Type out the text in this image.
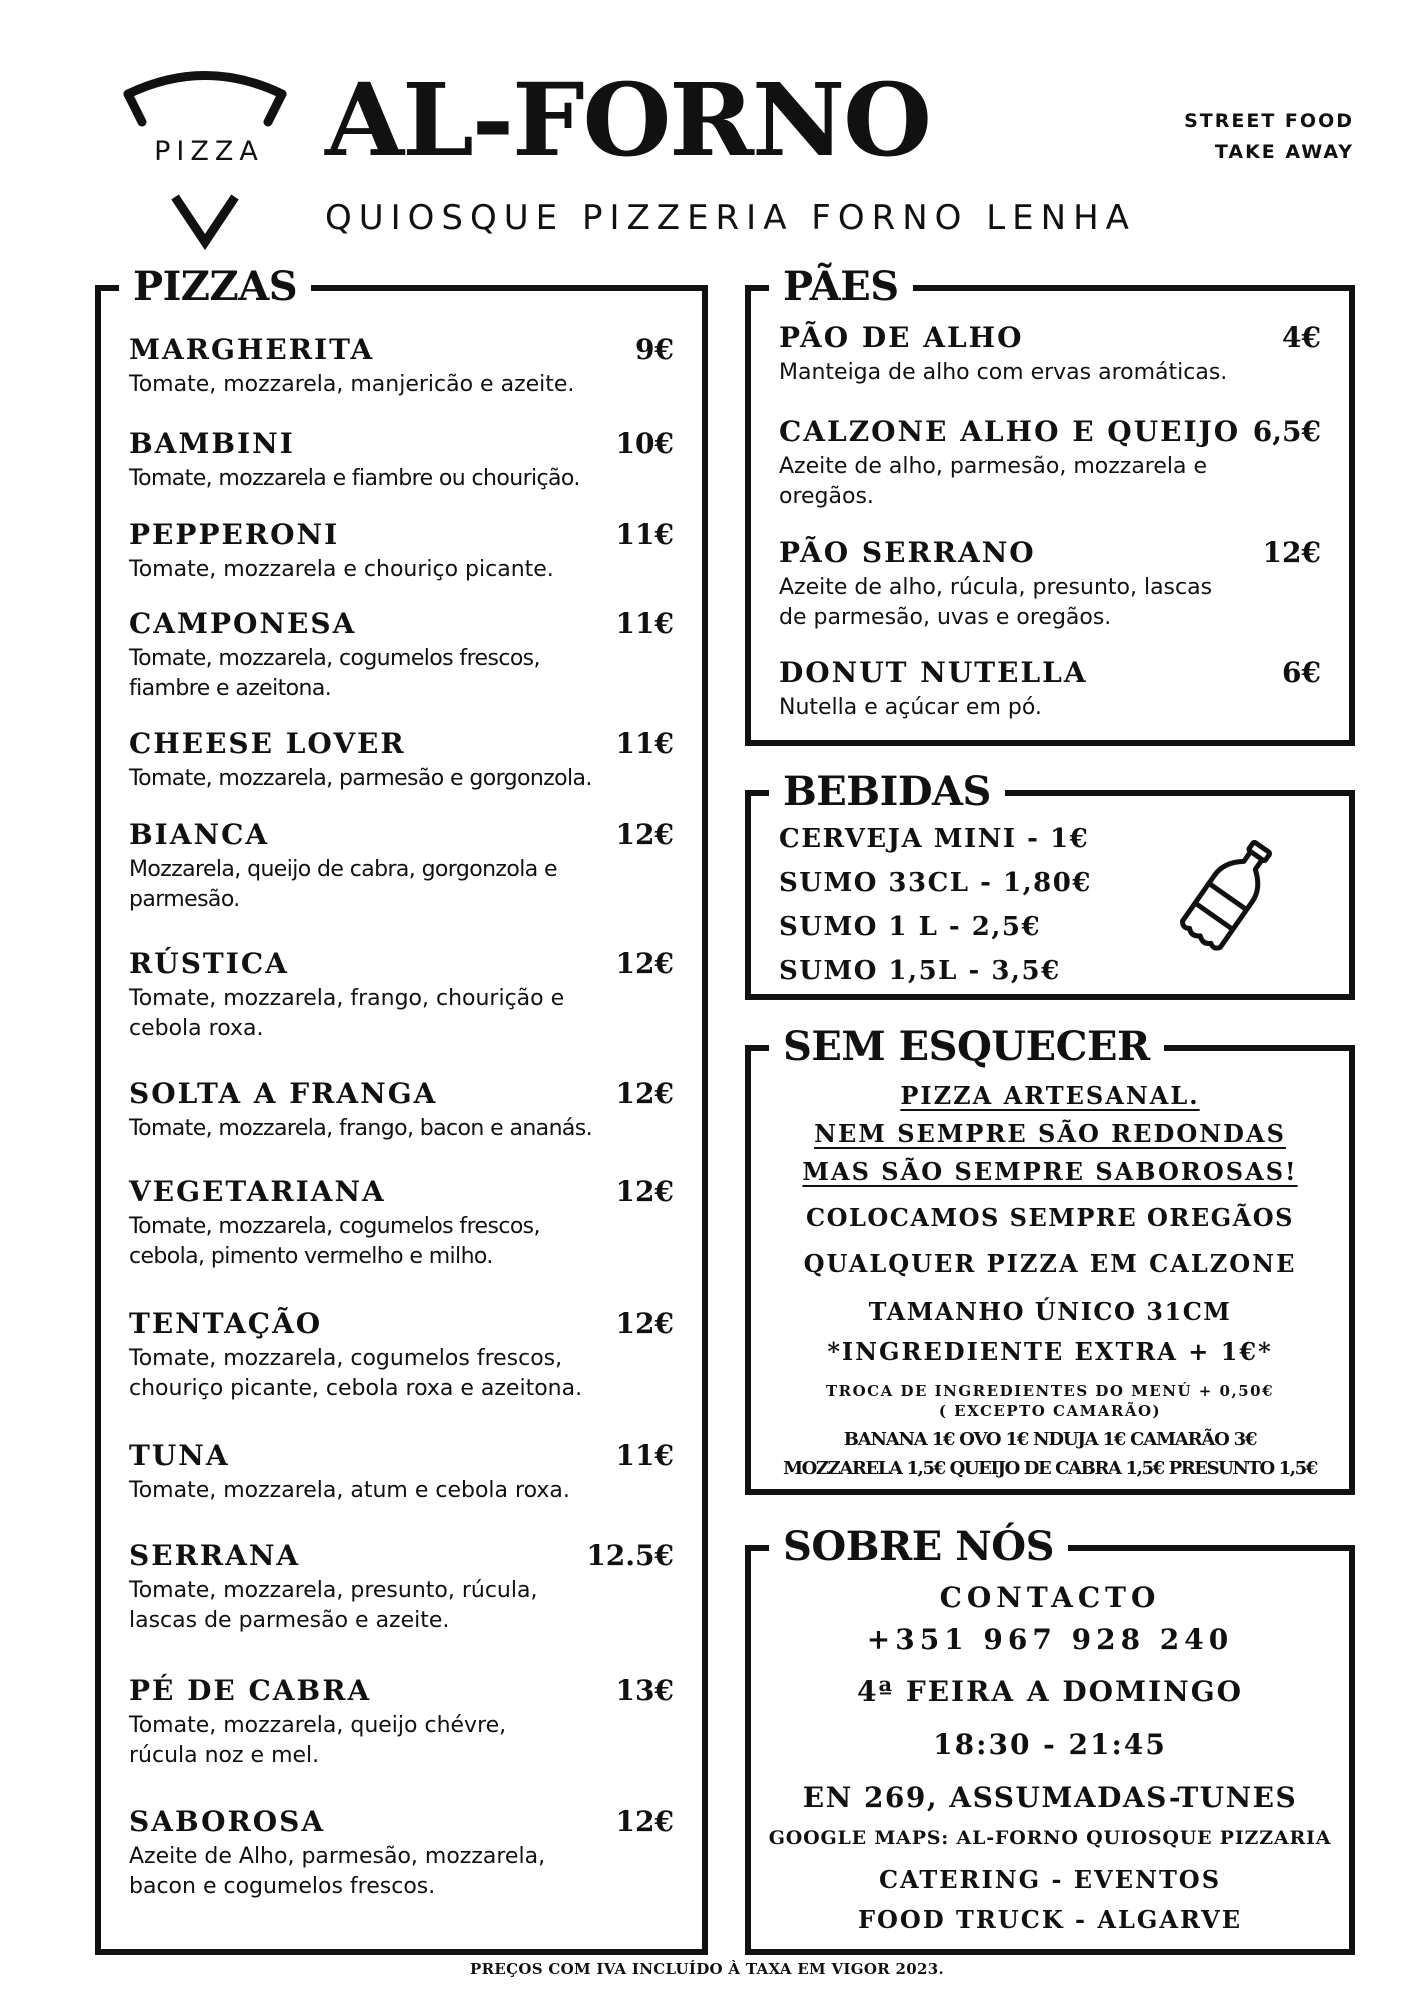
PIZZA AL-FORNO
QUIOSQUE PIZZERIA FORNO LENHA
STREET FOOD
TAKE AWAY
PIZZAS
MARGHERITA	9€
Tomate, mozzarela, manjericão e azeite.
BAMBINI	10€
Tomate, mozzarela e fiambre ou chourição.
PEPPERONI	11€
Tomate, mozzarela e chouriço picante.
CAMPONESA	11€
Tomate, mozzarela, cogumelos frescos,
fiambre e azeitona.
CHEESE LOVER	11€
Tomate, mozzarela, parmesão e gorgonzola.
BIANCA	12€
Mozzarela, queijo de cabra, gorgonzola e
parmesão.
RÚSTICA	12€
Tomate, mozzarela, frango, chourição e
cebola roxa.
SOLTA A FRANGA	12€
Tomate, mozzarela, frango, bacon e ananás.
VEGETARIANA	12€
Tomate, mozzarela, cogumelos frescos,
cebola, pimento vermelho e milho.
TENTAÇÃO	12€
Tomate, mozzarela, cogumelos frescos,
chouriço picante, cebola roxa e azeitona.
TUNA	11€
Tomate, mozzarela, atum e cebola roxa.
SERRANA	12.5€
Tomate, mozzarela, presunto, rúcula,
lascas de parmesão e azeite.
PÉ DE CABRA	13€
Tomate, mozzarela, queijo chévre,
rúcula noz e mel.
SABOROSA	12€
Azeite de Alho, parmesão, mozzarela,
bacon e cogumelos frescos.
PÃES
PÃO DE ALHO	4€
Manteiga de alho com ervas aromáticas.
CALZONE ALHO E QUEIJO 6,5€
Azeite de alho, parmesão, mozzarela e
oregãos.
PÃO SERRANO	12€
Azeite de alho, rúcula, presunto, lascas
de parmesão, uvas e oregãos.
DONUT NUTELLA	6€
Nutella e açúcar em pó.
BEBIDAS
CERVEJA MINI - 1€
SUMO 33CL - 1,80€
SUMO 1 L - 2,5€
SUMO 1,5L - 3,5€
SEM ESQUECER
PIZZA ARTESANAL.
NEM SEMPRE SÃO REDONDAS
MAS SÃO SEMPRE SABOROSAS!
COLOCAMOS SEMPRE OREGÃOS
QUALQUER PIZZA EM CALZONE
TAMANHO ÚNICO 31CM
*INGREDIENTE EXTRA + 1€*
TROCA DE INGREDIENTES DO MENÚ + 0,50€
( EXCEPTO CAMARÃO)
BANANA 1€ OVO 1€ NDUJA 1€ CAMARÃO 3€
MOZZARELA 1,5€ QUEIJO DE CABRA 1,5€ PRESUNTO 1,5€
SOBRE NÓS
CONTACTO
+351 967 928 240
4ª FEIRA A DOMINGO
18:30 - 21:45
EN 269, ASSUMADAS-TUNES
GOOGLE MAPS: AL-FORNO QUIOSQUE PIZZARIA
CATERING - EVENTOS
FOOD TRUCK - ALGARVE
PREÇOS COM IVA INCLUÍDO À TAXA EM VIGOR 2023.
